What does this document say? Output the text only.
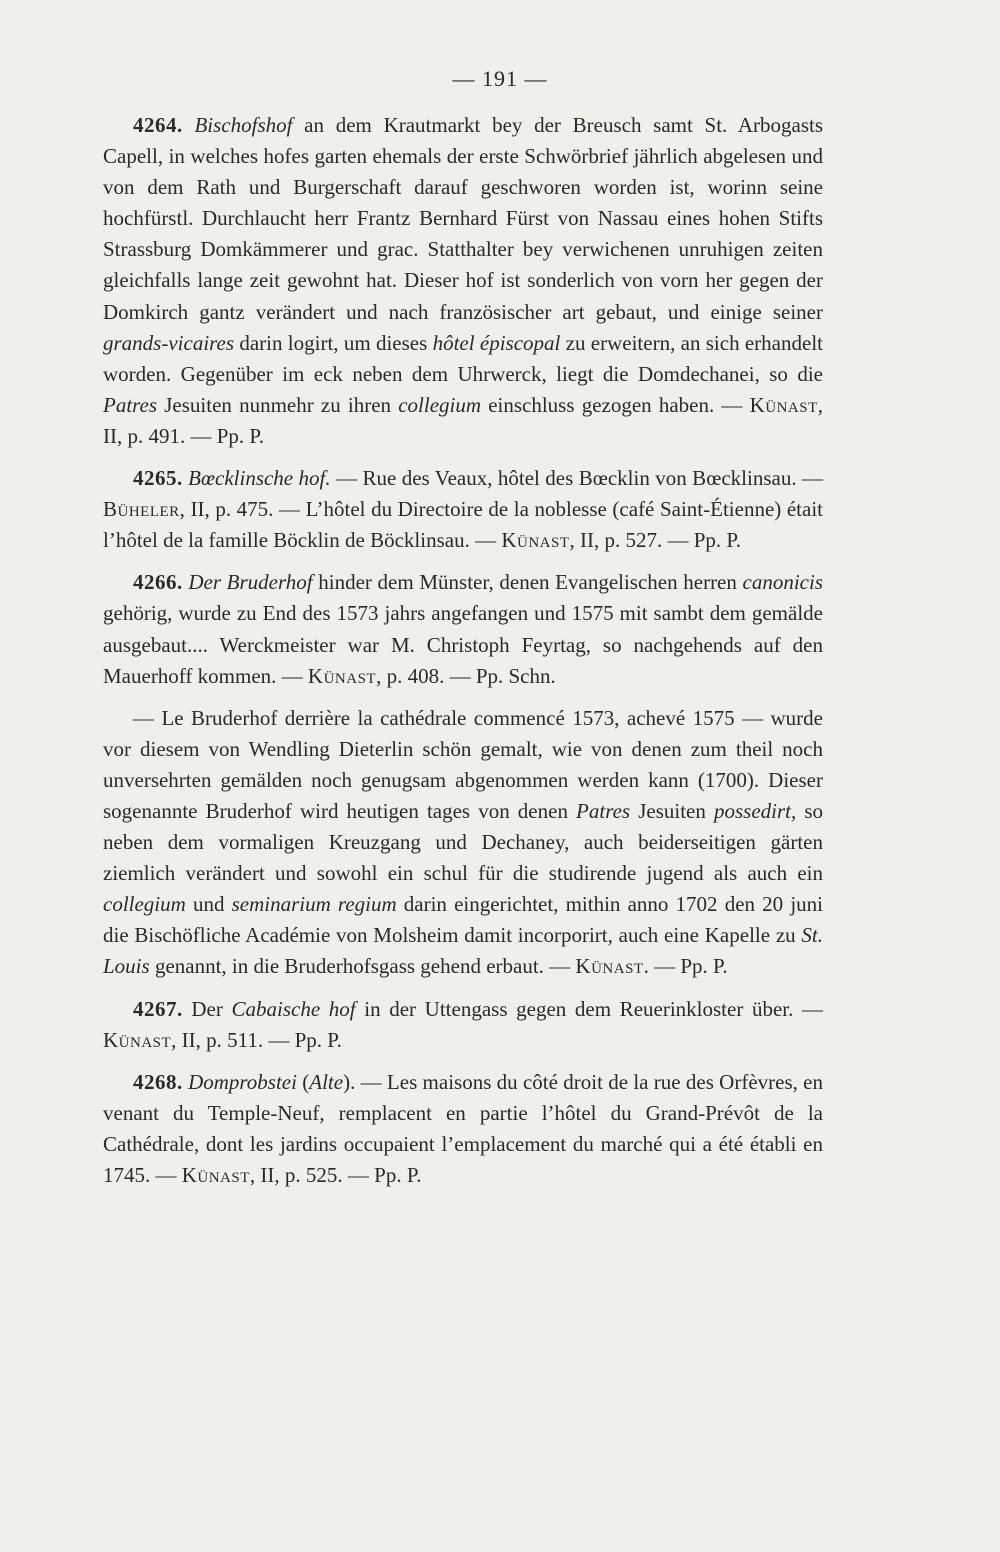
— 191 —

4264. Bischofshof an dem Krautmarkt bey der Breusch samt St. Arbogasts Capell, in welches hofes garten ehemals der erste Schwörbrief jährlich abgelesen und von dem Rath und Burgerschaft darauf geschworen worden ist, worinn seine hochfürstl. Durchlaucht herr Frantz Bernhard Fürst von Nassau eines hohen Stifts Strassburg Domkämmerer und grac. Statthalter bey verwichenen unruhigen zeiten gleichfalls lange zeit gewohnt hat. Dieser hof ist sonderlich von vorn her gegen der Domkirch gantz verändert und nach französischer art gebaut, und einige seiner grands-vicaires darin logirt, um dieses hôtel épiscopal zu erweitern, an sich erhandelt worden. Gegenüber im eck neben dem Uhrwerck, liegt die Domdechanei, so die Patres Jesuiten nunmehr zu ihren collegium einschluss gezogen haben. — Künast, II, p. 491. — Pp. P.

4265. Bœcklinsche hof. — Rue des Veaux, hôtel des Bœcklin von Bœcklinsau. — Büheler, II, p. 475. — L’hôtel du Directoire de la noblesse (café Saint-Étienne) était l’hôtel de la famille Böcklin de Böcklinsau. — Künast, II, p. 527. — Pp. P.

4266. Der Bruderhof hinder dem Münster, denen Evangelischen herren canonicis gehörig, wurde zu End des 1573 jahrs angefangen und 1575 mit sambt dem gemälde ausgebaut.... Werckmeister war M. Christoph Feyrtag, so nachgehends auf den Mauerhoff kommen. — Künast, p. 408. — Pp. Schn.

— Le Bruderhof derrière la cathédrale commencé 1573, achevé 1575 — wurde vor diesem von Wendling Dieterlin schön gemalt, wie von denen zum theil noch unversehrten gemälden noch genugsam abgenommen werden kann (1700). Dieser sogenannte Bruderhof wird heutigen tages von denen Patres Jesuiten possedirt, so neben dem vormaligen Kreuzgang und Dechaney, auch beiderseitigen gärten ziemlich verändert und sowohl ein schul für die studirende jugend als auch ein collegium und seminarium regium darin eingerichtet, mithin anno 1702 den 20 juni die Bischöfliche Académie von Molsheim damit incorporirt, auch eine Kapelle zu St. Louis genannt, in die Bruderhofsgass gehend erbaut. — Künast. — Pp. P.

4267. Der Cabaische hof in der Uttengass gegen dem Reuerinkloster über. — Künast, II, p. 511. — Pp. P.

4268. Domprobstei (Alte). — Les maisons du côté droit de la rue des Orfèvres, en venant du Temple-Neuf, remplacent en partie l’hôtel du Grand-Prévôt de la Cathédrale, dont les jardins occupaient l’emplacement du marché qui a été établi en 1745. — Künast, II, p. 525. — Pp. P.
